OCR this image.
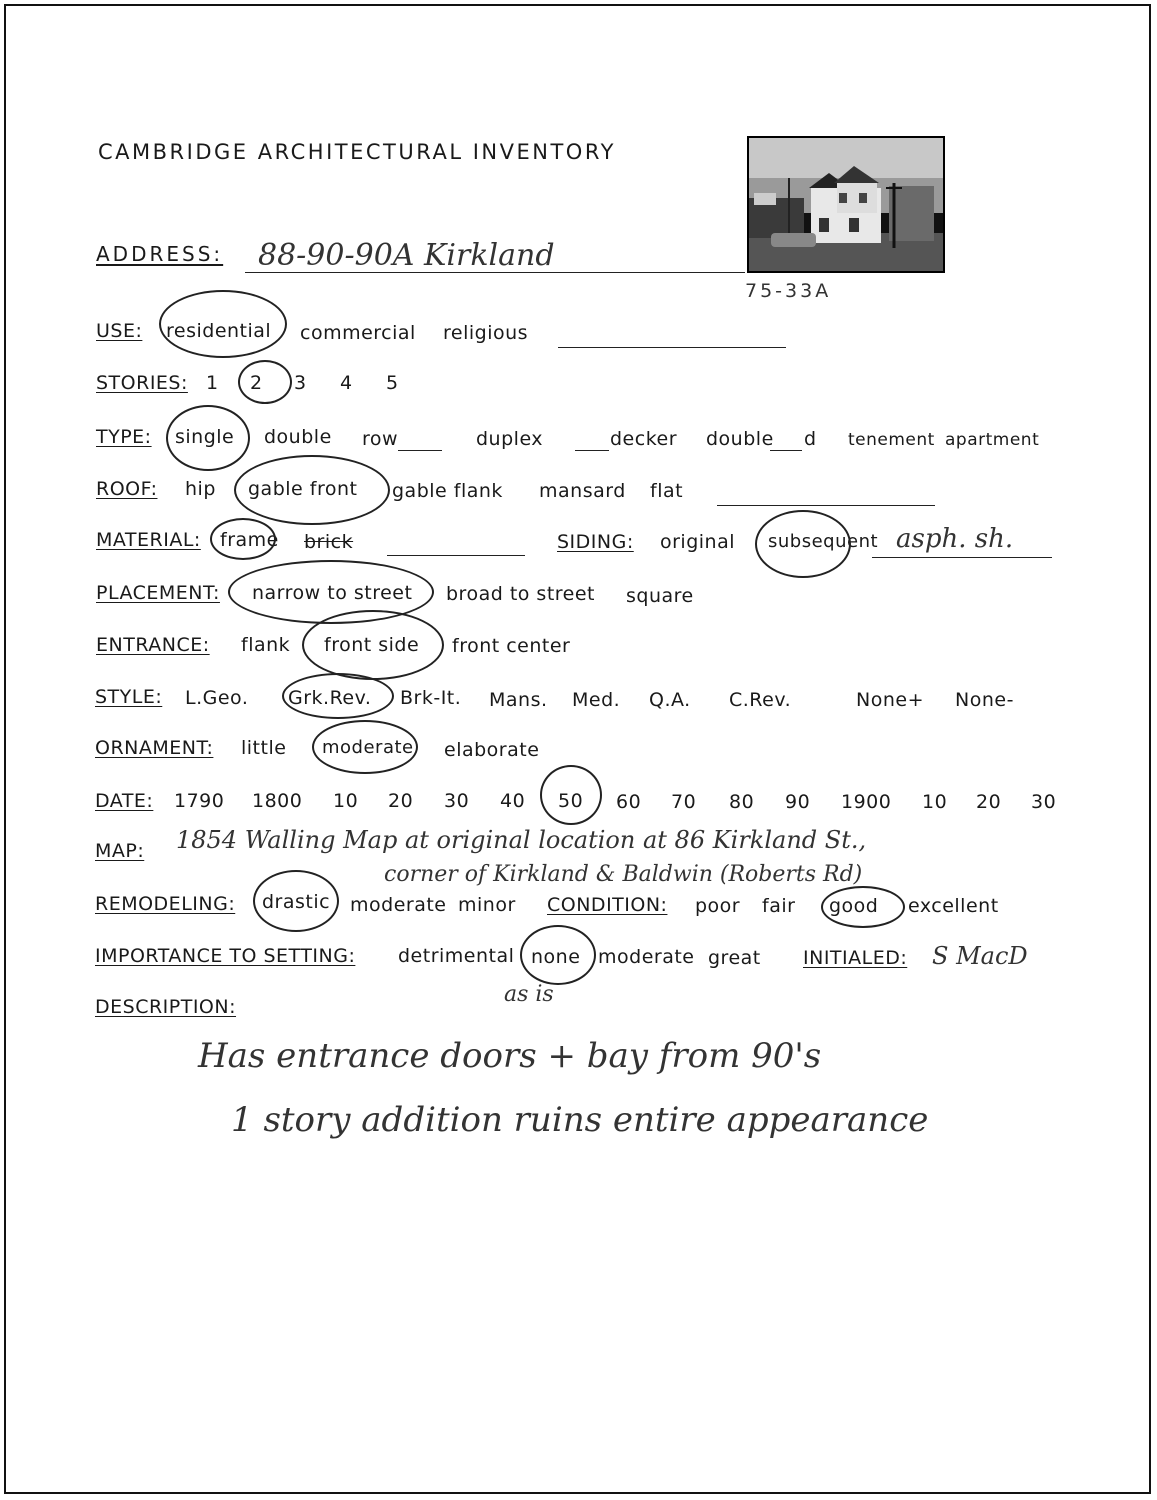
CAMBRIDGE ARCHITECTURAL INVENTORY
75-33A
ADDRESS: 88-90-90A Kirkland
USE: residential commercial religious
STORIES: 1 2 3 4 5
TYPE: single double row	duplex	decker double d tenement apartment
ROOF: hip gable front gable flank mansard flat
MATERIAL: frame brick	SIDING: original subsequent asph. sh.
PLACEMENT: narrow to street broad to street square
ENTRANCE: flank front side front center
STYLE: L.Geo. Grk.Rev. Brk-It. Mans. Med. Q.A. C.Rev.	None+ None-
ORNAMENT: little moderate elaborate
DATE: 1790 1800 10 20 30 40 50 60 70 80 90 1900 10 20 30
MAP: 1854 Walling Map at original location at 86 Kirkland St.,
corner of Kirkland & Baldwin (Roberts Rd)
REMODELING: drastic moderate minor CONDITION: poor fair good excellent
IMPORTANCE TO SETTING: detrimental none moderate great
as is
INITIALED: S MacD
DESCRIPTION:
Has entrance doors + bay from 90's
1 story addition ruins entire appearance
